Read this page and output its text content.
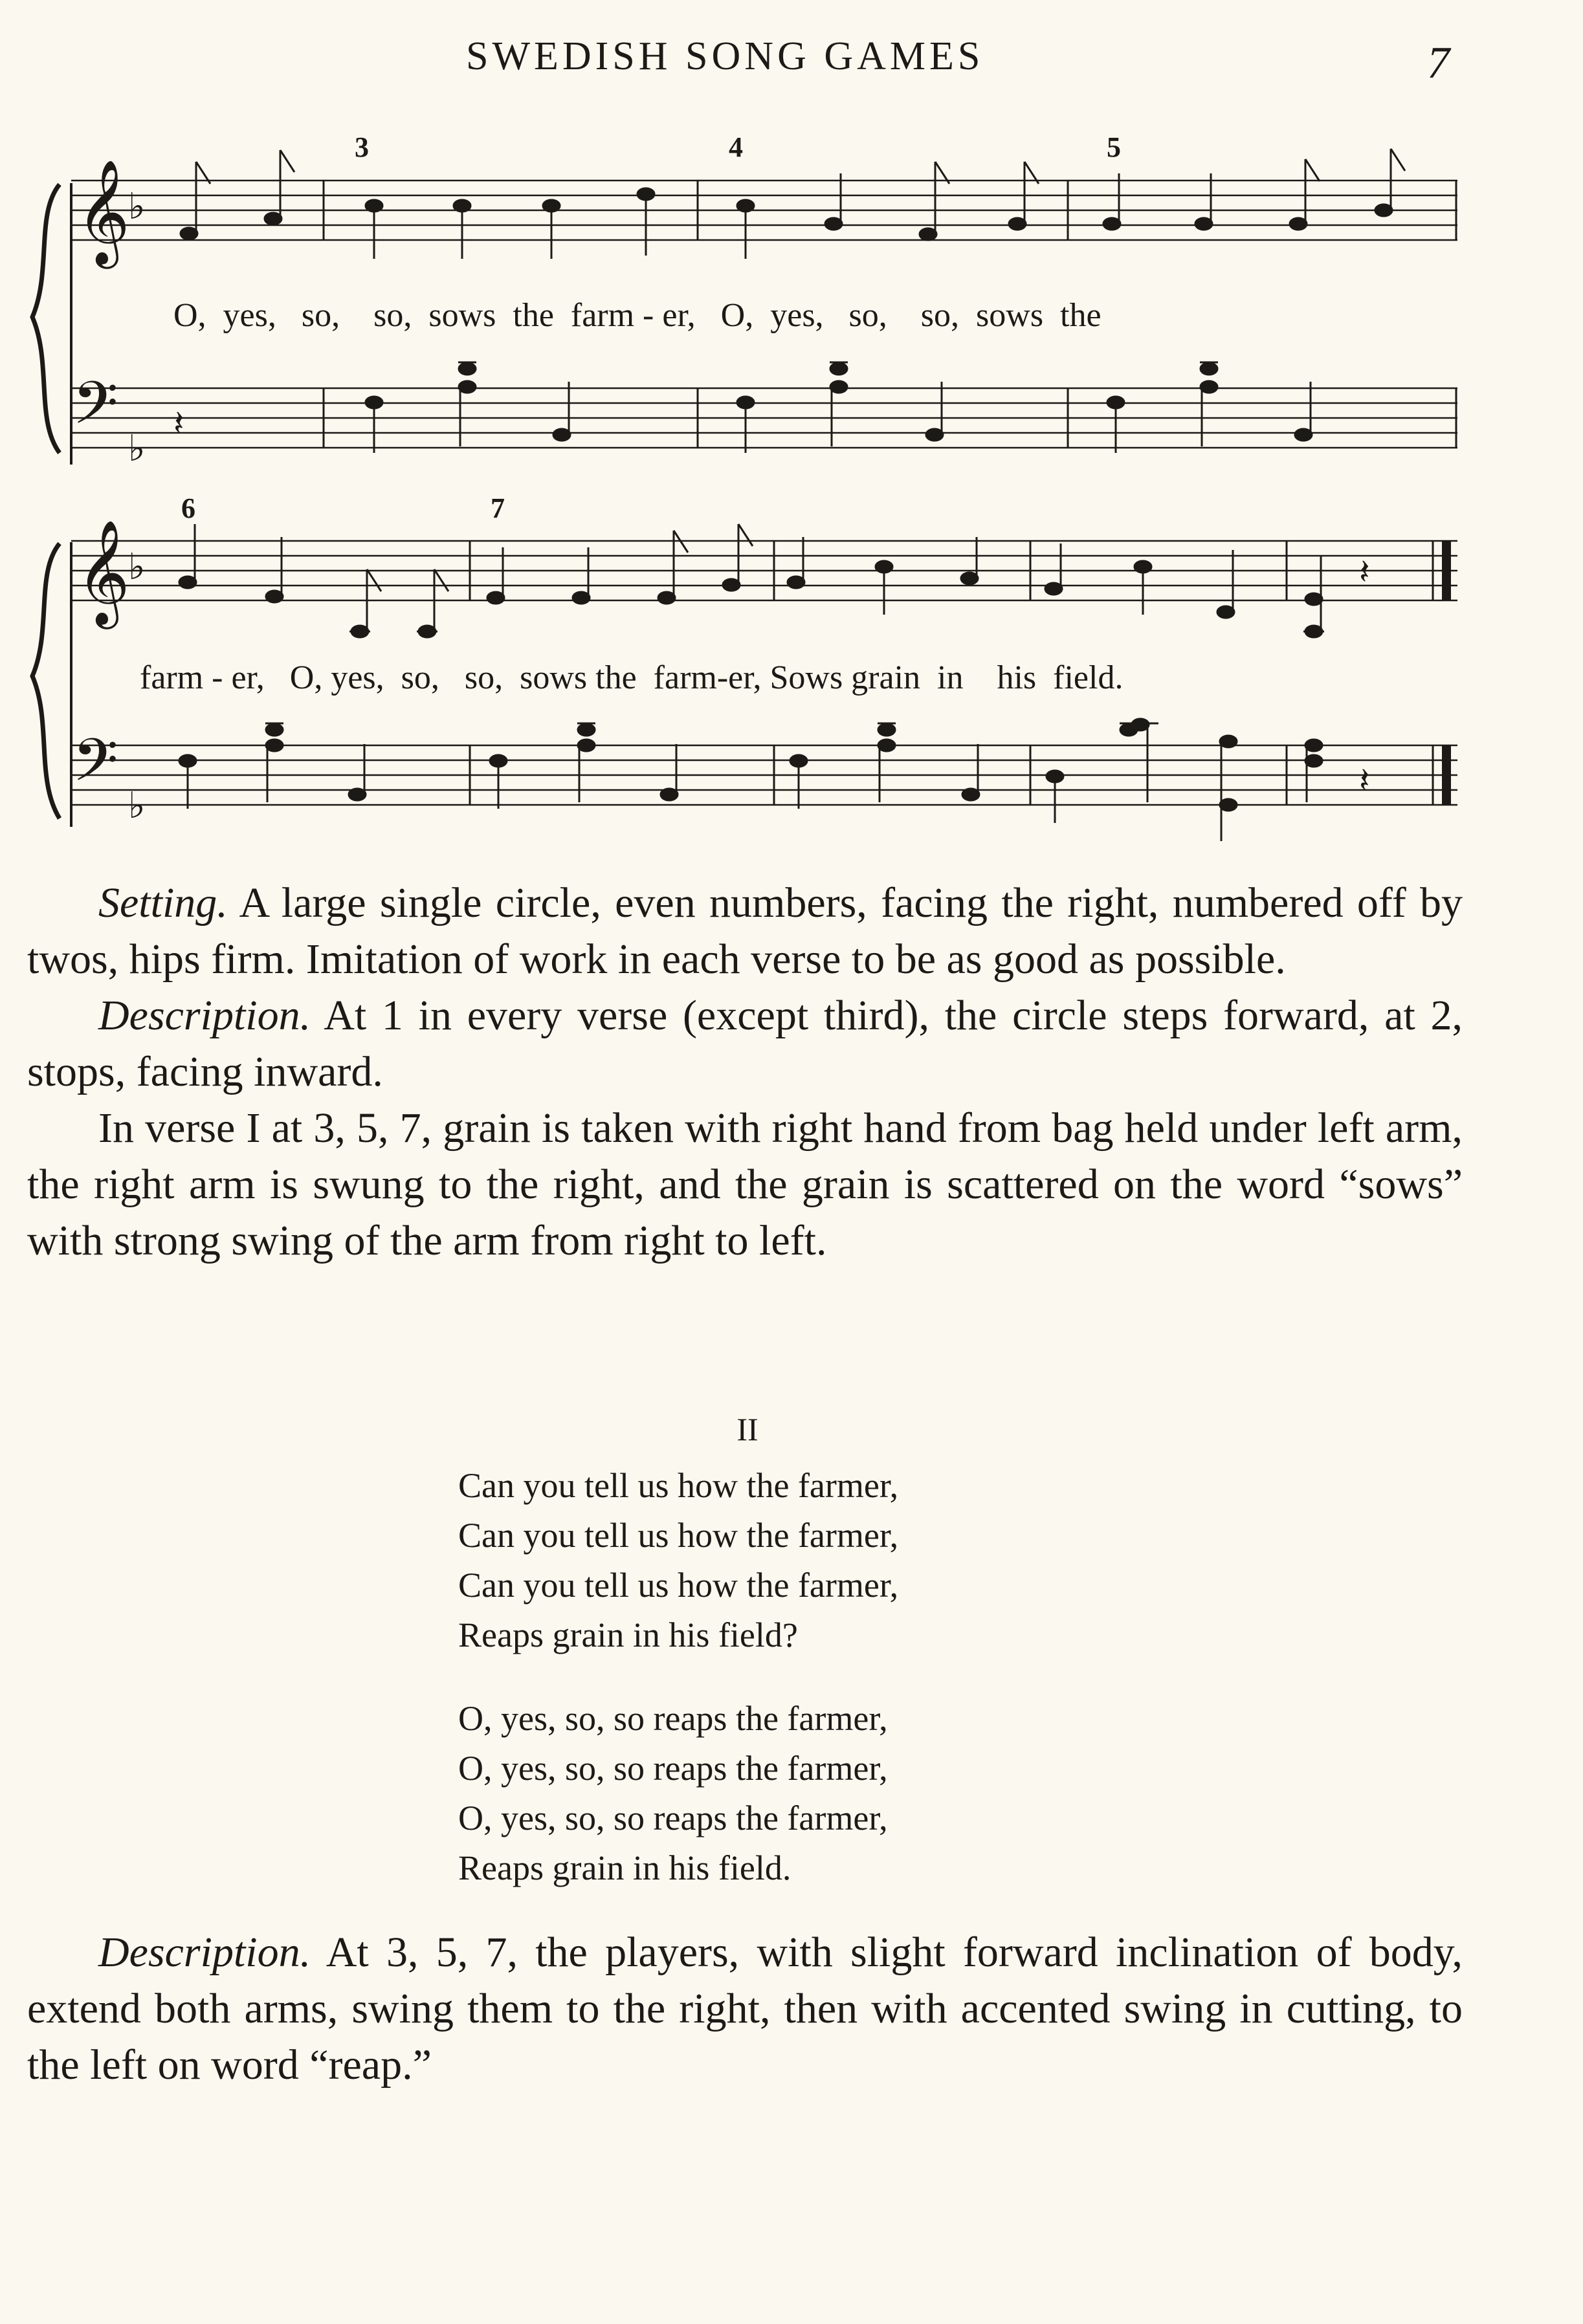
SWEDISH SONG GAMES	7
𝄞
♭
𝄢 ♭
𝄽
3	4	5
𝄞
♭
𝄢 ♭
6	7
𝄽
𝄽
O,  yes,   so,    so,  sows  the  farm - er,   O,  yes,   so,    so,  sows  the
farm - er,   O, yes,  so,   so,  sows the  farm-er, Sows grain  in    his  field.

Setting. A large single circle, even numbers, facing the right, numbered off by twos, hips firm. Imitation of work in each verse to be as good as possible.

Description. At 1 in every verse (except third), the circle steps forward, at 2, stops, facing inward.

In verse I at 3, 5, 7, grain is taken with right hand from bag held under left arm, the right arm is swung to the right, and the grain is scattered on the word “sows” with strong swing of the arm from right to left.

II
Can you tell us how the farmer,
Can you tell us how the farmer,
Can you tell us how the farmer,
Reaps grain in his field?
O, yes, so, so reaps the farmer,
O, yes, so, so reaps the farmer,
O, yes, so, so reaps the farmer,
Reaps grain in his field.

Description. At 3, 5, 7, the players, with slight forward inclination of body, extend both arms, swing them to the right, then with accented swing in cutting, to the left on word “reap.”
